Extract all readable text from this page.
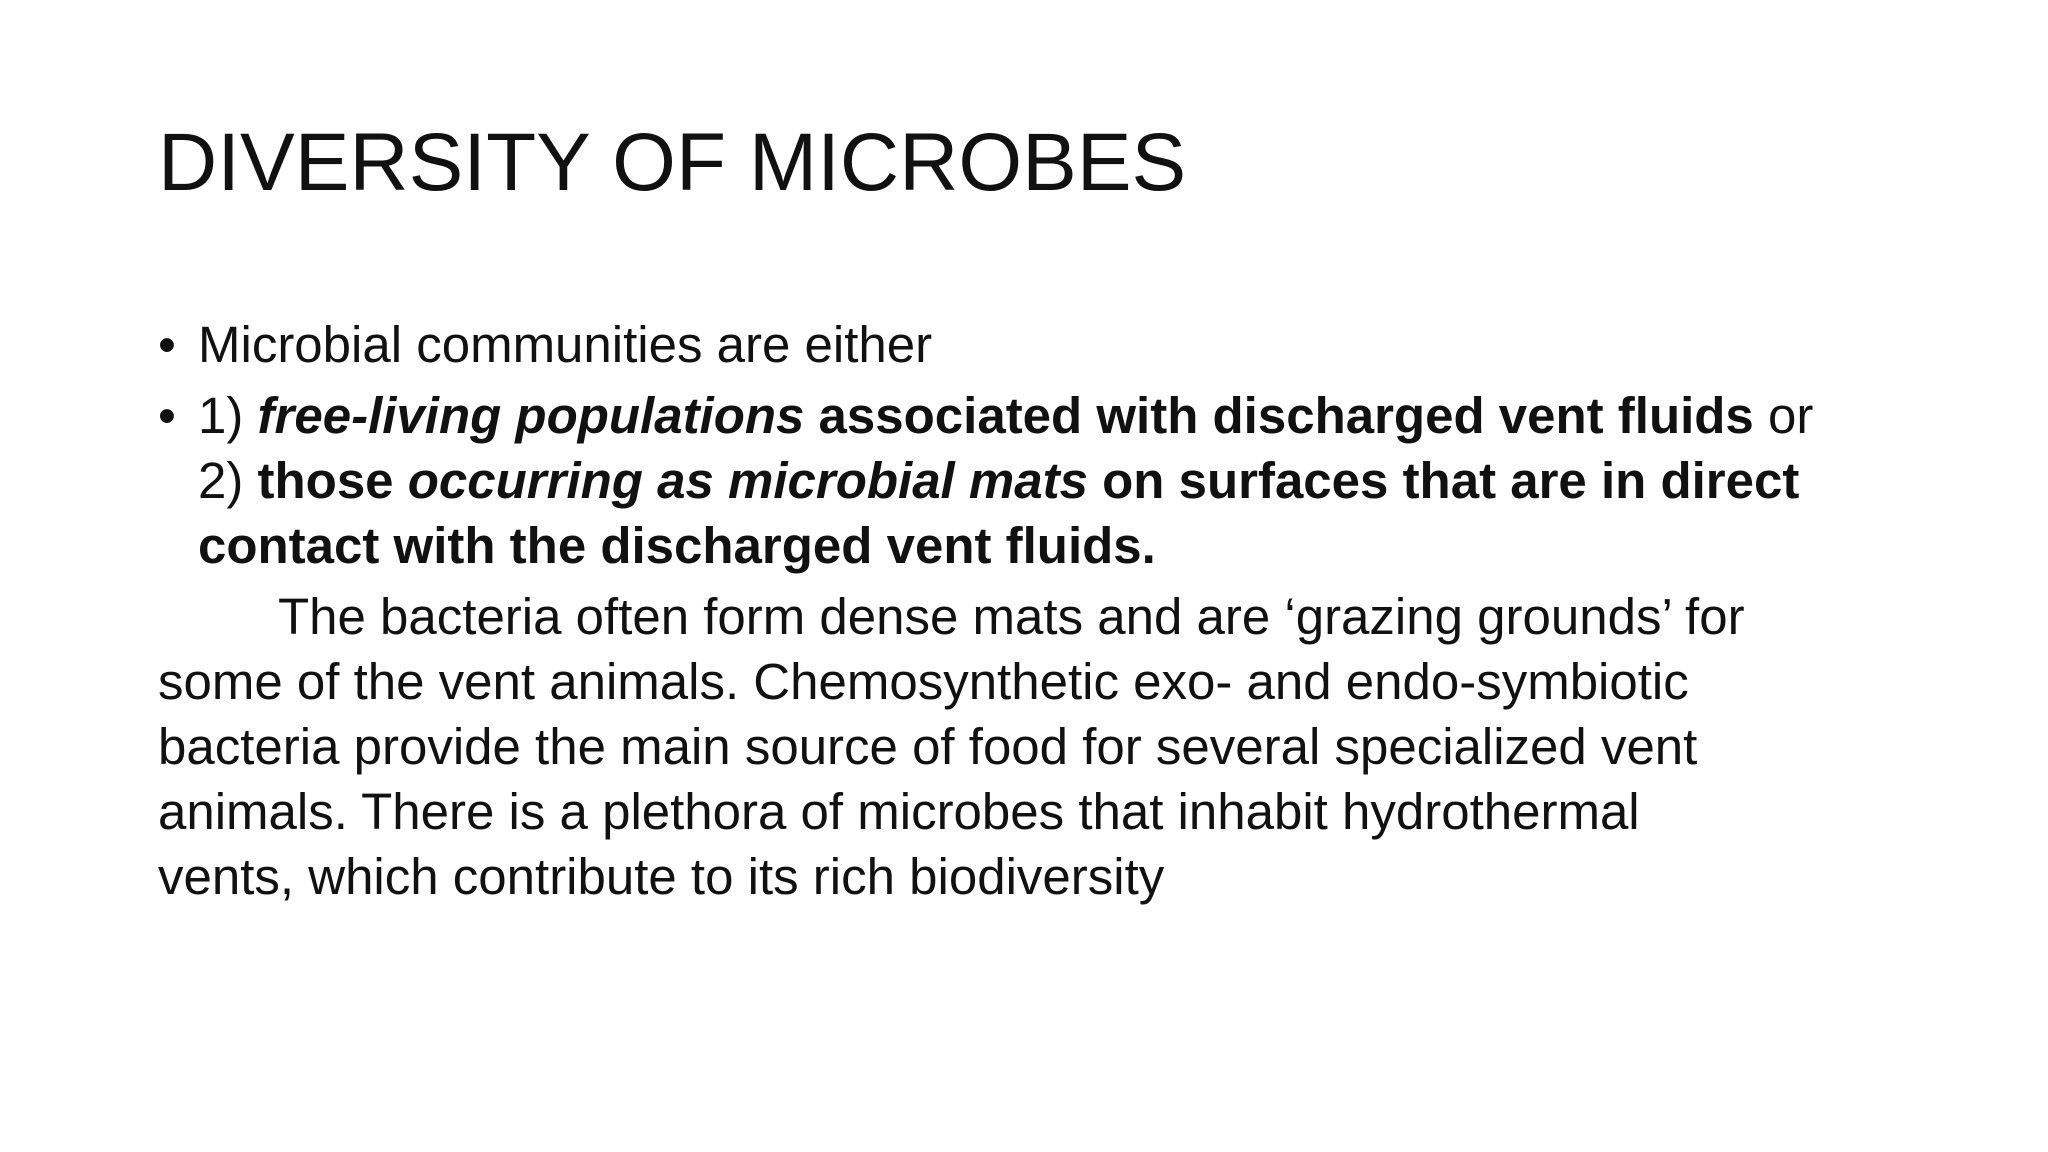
DIVERSITY OF MICROBES
• Microbial communities are either
• 1) free-living populations associated with discharged vent fluids or
2) those occurring as microbial mats on surfaces that are in direct
contact with the discharged vent fluids.
The bacteria often form dense mats and are ‘grazing grounds’ for
some of the vent animals. Chemosynthetic exo- and endo-symbiotic
bacteria provide the main source of food for several specialized vent
animals. There is a plethora of microbes that inhabit hydrothermal
vents, which contribute to its rich biodiversity
